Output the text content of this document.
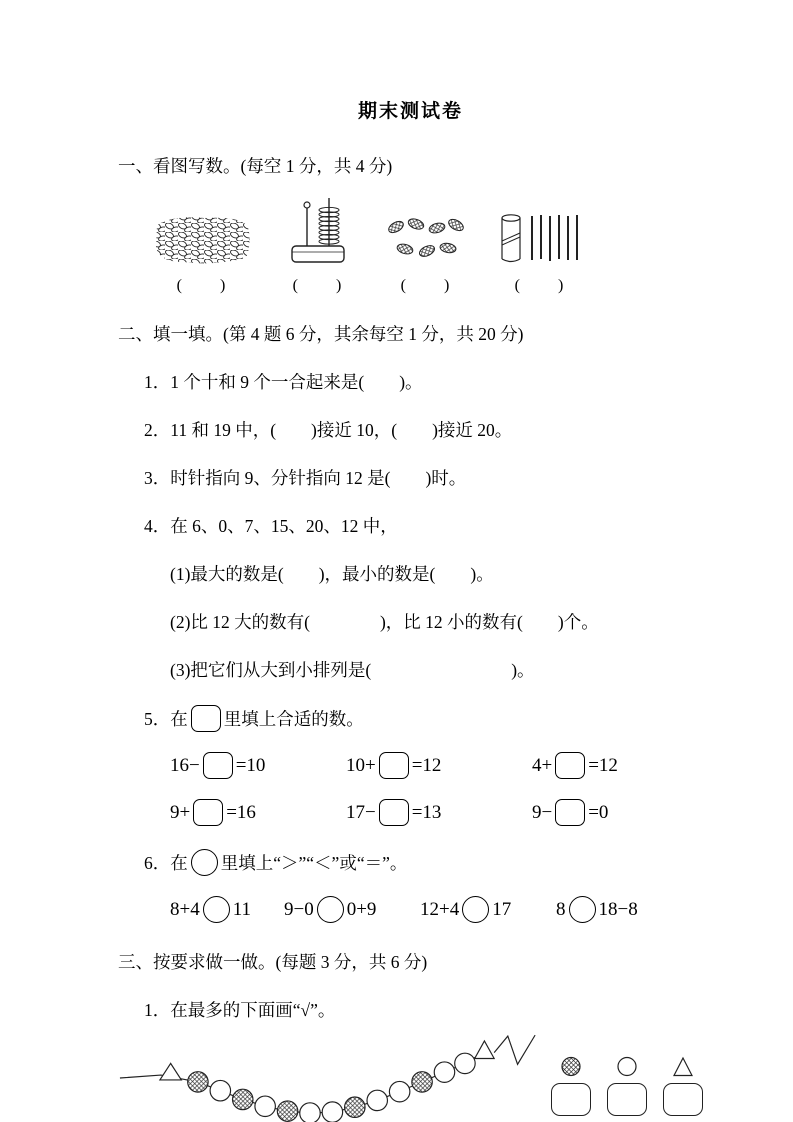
期末测试卷
一、看图写数。(每空 1 分，共 4 分)
(　　)	(　　)	(　　)	(　　)
二、填一填。(第 4 题 6 分，其余每空 1 分，共 20 分)
1．1 个十和 9 个一合起来是(　　)。
2．11 和 19 中，(　　)接近 10，(　　)接近 20。
3．时针指向 9、分针指向 12 是(　　)时。
4．在 6、0、7、15、20、12 中，
(1)最大的数是(　　)，最小的数是(　　)。
(2)比 12 大的数有(　　　　)，比 12 小的数有(　　)个。
(3)把它们从大到小排列是(　　　　　　　　)。
5．在 里填上合适的数。
16− =10	10+ =12	4+ =12
9+ =16	17− =13	9− =0
6．在 里填上“＞”“＜”或“＝”。
8+4 11 9−0 0+9 12+4 17 8 18−8
三、按要求做一做。(每题 3 分，共 6 分)
1．在最多的下面画“√”。
